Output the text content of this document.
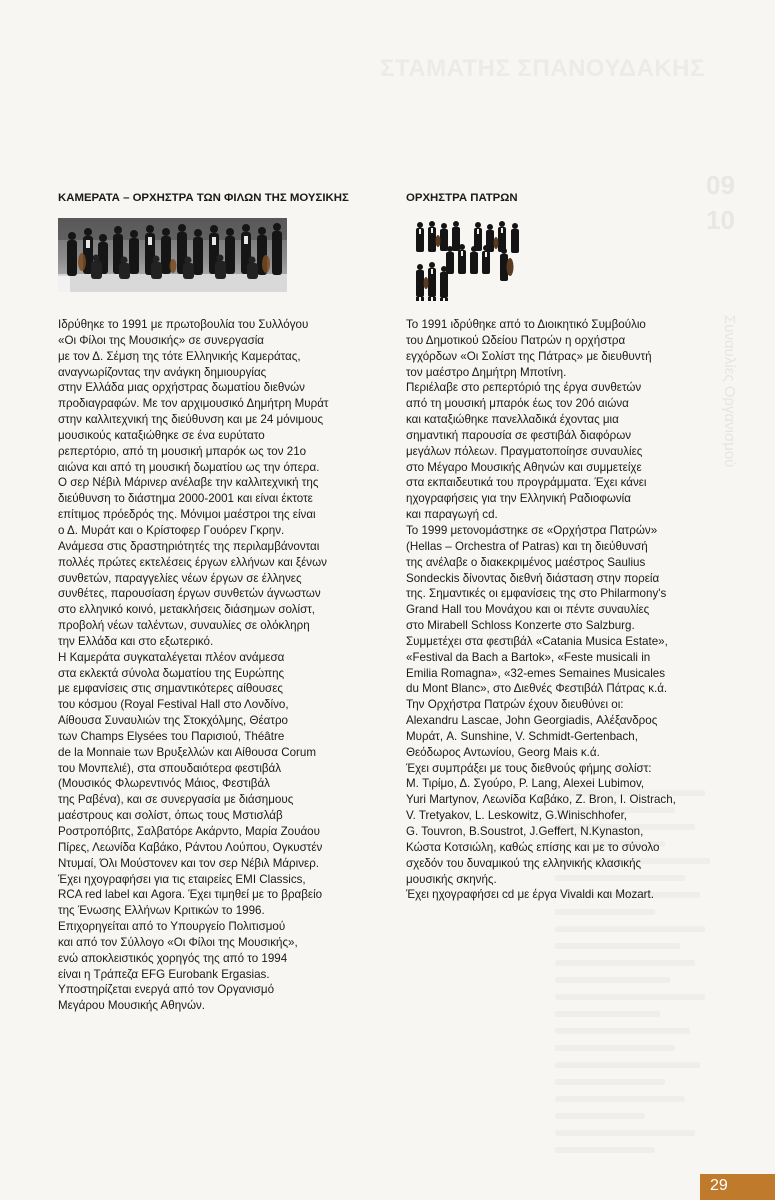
ΣΤΑΜΑΤΗΣ ΣΠΑΝΟΥΔΑΚΗΣ
09
10
Συναυλίες Οργανισμού
ΚΑΜΕΡΑΤΑ – ΟΡΧΗΣΤΡΑ ΤΩΝ ΦΙΛΩΝ ΤΗΣ ΜΟΥΣΙΚΗΣ

Ιδρύθηκε το 1991 με πρωτοβουλία του Συλλόγου
«Οι Φίλοι της Μουσικής» σε συνεργασία
με τον Δ. Σέμση της τότε Ελληνικής Καμεράτας,
αναγνωρίζοντας την ανάγκη δημιουργίας
στην Ελλάδα μιας ορχήστρας δωματίου διεθνών
προδιαγραφών. Με τον αρχιμουσικό Δημήτρη Μυράτ
στην καλλιτεχνική της διεύθυνση και με 24 μόνιμους
μουσικούς καταξιώθηκε σε ένα ευρύτατο
ρεπερτόριο, από τη μουσική μπαρόκ ως τον 21ο
αιώνα και από τη μουσική δωματίου ως την όπερα.
Ο σερ Νέβιλ Μάρινερ ανέλαβε την καλλιτεχνική της
διεύθυνση το διάστημα 2000-2001 και είναι έκτοτε
επίτιμος πρόεδρός της. Μόνιμοι μαέστροι της είναι
ο Δ. Μυράτ και ο Κρίστοφερ Γουόρεν Γκρην.
Ανάμεσα στις δραστηριότητές της περιλαμβάνονται
πολλές πρώτες εκτελέσεις έργων ελλήνων και ξένων
συνθετών, παραγγελίες νέων έργων σε έλληνες
συνθέτες, παρουσίαση έργων συνθετών άγνωστων
στο ελληνικό κοινό, μετακλήσεις διάσημων σολίστ,
προβολή νέων ταλέντων, συναυλίες σε ολόκληρη
την Ελλάδα και στο εξωτερικό.
Η Καμεράτα συγκαταλέγεται πλέον ανάμεσα
στα εκλεκτά σύνολα δωματίου της Ευρώπης
με εμφανίσεις στις σημαντικότερες αίθουσες
του κόσμου (Royal Festival Hall στο Λονδίνο,
Αίθουσα Συναυλιών της Στοκχόλμης, Θέατρο
των Champs Elysées του Παρισιού, Théâtre
de la Monnaie των Βρυξελλών και Αίθουσα Corum
του Μονπελιέ), στα σπουδαιότερα φεστιβάλ
(Μουσικός Φλωρεντινός Μάιος, Φεστιβάλ
της Ραβένα), και σε συνεργασία με διάσημους
μαέστρους και σολίστ, όπως τους Μστισλάβ
Ροστροπόβιτς, Σαλβατόρε Ακάρντο, Μαρία Ζουάου
Πίρες, Λεωνίδα Καβάκο, Ράντου Λούπου, Ογκυστέν
Ντυμαί, Όλι Μούστονεν και τον σερ Νέβιλ Μάρινερ.
Έχει ηχογραφήσει για τις εταιρείες EMI Classics,
RCA red label και Agora. Έχει τιμηθεί με το βραβείο
της Ένωσης Ελλήνων Κριτικών το 1996.
Επιχορηγείται από το Υπουργείο Πολιτισμού
και από τον Σύλλογο «Οι Φίλοι της Μουσικής»,
ενώ αποκλειστικός χορηγός της από το 1994
είναι η Τράπεζα EFG Eurobank Ergasias.
Υποστηρίζεται ενεργά από τον Οργανισμό
Μεγάρου Μουσικής Αθηνών.

ΟΡΧΗΣΤΡΑ ΠΑΤΡΩΝ

Το 1991 ιδρύθηκε από το Διοικητικό Συμβούλιο
του Δημοτικού Ωδείου Πατρών η ορχήστρα
εγχόρδων «Οι Σολίστ της Πάτρας» με διευθυντή
τον μαέστρο Δημήτρη Μποτίνη.
Περιέλαβε στο ρεπερτόριό της έργα συνθετών
από τη μουσική μπαρόκ έως τον 20ό αιώνα
και καταξιώθηκε πανελλαδικά έχοντας μια
σημαντική παρουσία σε φεστιβάλ διαφόρων
μεγάλων πόλεων. Πραγματοποίησε συναυλίες
στο Μέγαρο Μουσικής Αθηνών και συμμετείχε
στα εκπαιδευτικά του προγράμματα. Έχει κάνει
ηχογραφήσεις για την Ελληνική Ραδιοφωνία
και παραγωγή cd.
Το 1999 μετονομάστηκε σε «Ορχήστρα Πατρών»
(Hellas – Orchestra of Patras) και τη διεύθυνσή
της ανέλαβε ο διακεκριμένος μαέστρος Saulius
Sondeckis δίνοντας διεθνή διάσταση στην πορεία
της. Σημαντικές οι εμφανίσεις της στο Philarmony's
Grand Hall του Μονάχου και οι πέντε συναυλίες
στο Mirabell Schloss Konzerte στο Salzburg.
Συμμετέχει στα φεστιβάλ «Catania Musica Estate»,
«Festival da Bach a Bartok», «Feste musicali in
Emilia Romagna», «32-emes Semaines Musicales
du Mont Blanc», στο Διεθνές Φεστιβάλ Πάτρας κ.ά.
Την Ορχήστρα Πατρών έχουν διευθύνει οι:
Alexandru Lascae, John Georgiadis, Αλέξανδρος
Μυράτ, A. Sunshine, V. Schmidt-Gertenbach,
Θεόδωρος Αντωνίου, Georg Mais κ.ά.
Έχει συμπράξει με τους διεθνούς φήμης σολίστ:
M. Τιρίμο, Δ. Σγούρο, P. Lang, Alexei Lubimov,
Yuri Martynov, Λεωνίδα Καβάκο, Z. Bron, I. Oistrach,
V. Tretyakov, L. Leskowitz, G.Winischhofer,
G. Touvron, B.Soustrot, J.Geffert, N.Kynaston,
Κώστα Κοτσιώλη, καθώς επίσης και με το σύνολο
σχεδόν του δυναμικού της ελληνικής κλασικής
μουσικής σκηνής.
Έχει ηχογραφήσει cd με έργα Vivaldi και Mozart.

29
